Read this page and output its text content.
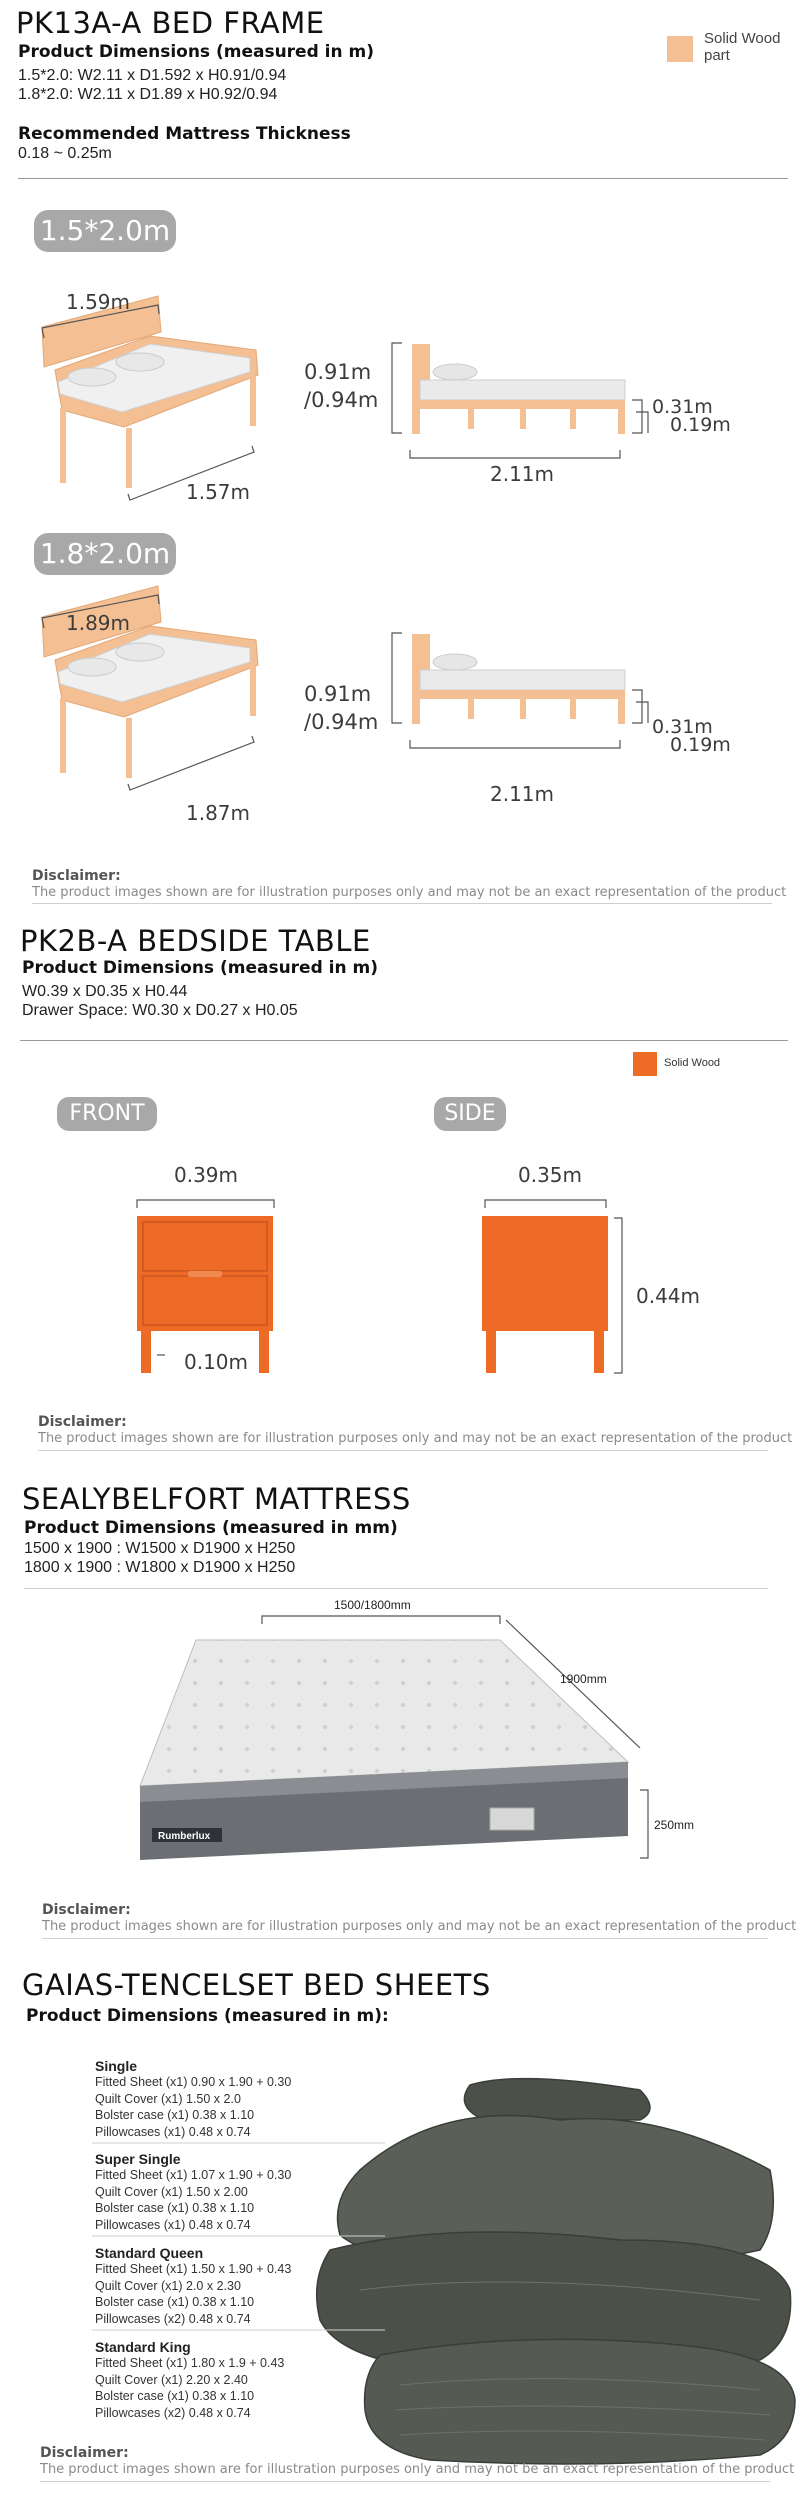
PK13A-A BED FRAME
Product Dimensions (measured in m)
1.5*2.0: W2.11 x D1.592 x H0.91/0.94
1.8*2.0: W2.11 x D1.89 x H0.92/0.94
Recommended Mattress Thickness
0.18 ~ 0.25m
Solid Wood
part
1.5*2.0m
1.59m
1.57m
0.91m
/0.94m
2.11m
0.31m
0.19m
1.8*2.0m
1.89m
1.87m
0.91m
/0.94m
2.11m
0.31m
0.19m
Disclaimer:
The product images shown are for illustration purposes only and may not be an exact representation of the product
PK2B-A BEDSIDE TABLE
Product Dimensions (measured in m)
W0.39 x D0.35 x H0.44
Drawer Space: W0.30 x D0.27 x H0.05
Solid Wood
FRONT	SIDE
0.39m
0.10m
0.35m
0.44m
Disclaimer:
The product images shown are for illustration purposes only and may not be an exact representation of the product
SEALYBELFORT MATTRESS
Product Dimensions (measured in mm)
1500 x 1900 : W1500 x D1900 x H250
1800 x 1900 : W1800 x D1900 x H250
Rumberlux
1500/1800mm
1900mm
250mm
Disclaimer:
The product images shown are for illustration purposes only and may not be an exact representation of the product
GAIAS-TENCELSET BED SHEETS
Product Dimensions (measured in m):
Single
Fitted Sheet (x1) 0.90 x 1.90 + 0.30
Quilt Cover (x1) 1.50 x 2.0
Bolster case (x1) 0.38 x 1.10
Pillowcases (x1) 0.48 x 0.74
Super Single
Fitted Sheet (x1) 1.07 x 1.90 + 0.30
Quilt Cover (x1) 1.50 x 2.00
Bolster case (x1) 0.38 x 1.10
Pillowcases (x1) 0.48 x 0.74
Standard Queen
Fitted Sheet (x1) 1.50 x 1.90 + 0.43
Quilt Cover (x1) 2.0 x 2.30
Bolster case (x1) 0.38 x 1.10
Pillowcases (x2) 0.48 x 0.74
Standard King
Fitted Sheet (x1) 1.80 x 1.9 + 0.43
Quilt Cover (x1) 2.20 x 2.40
Bolster case (x1) 0.38 x 1.10
Pillowcases (x2) 0.48 x 0.74
Disclaimer:
The product images shown are for illustration purposes only and may not be an exact representation of the product
